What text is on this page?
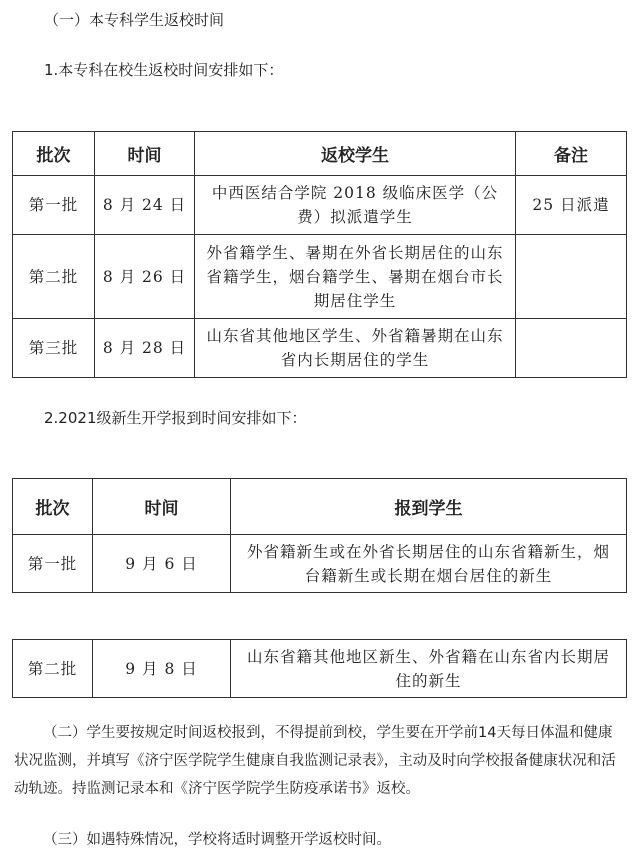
（一）本专科学生返校时间
1.本专科在校生返校时间安排如下：
批次	时间	返校学生	备注
第一批	8 月 24 日	中西医结合学院 2018 级临床医学（公费）拟派遣学生	25 日派遣
第二批	8 月 26 日	外省籍学生、暑期在外省长期居住的山东省籍学生，烟台籍学生、暑期在烟台市长期居住学生	
第三批	8 月 28 日	山东省其他地区学生、外省籍暑期在山东省内长期居住的学生	
2.2021级新生开学报到时间安排如下：
批次	时间	报到学生
第一批	9 月 6 日	外省籍新生或在外省长期居住的山东省籍新生，烟台籍新生或长期在烟台居住的新生
第二批	9 月 8 日	山东省籍其他地区新生、外省籍在山东省内长期居住的新生
（二）学生要按规定时间返校报到，不得提前到校，学生要在开学前14天每日体温和健康状况监测，并填写《济宁医学院学生健康自我监测记录表》，主动及时向学校报备健康状况和活动轨迹。持监测记录本和《济宁医学院学生防疫承诺书》返校。
（三）如遇特殊情况，学校将适时调整开学返校时间。
